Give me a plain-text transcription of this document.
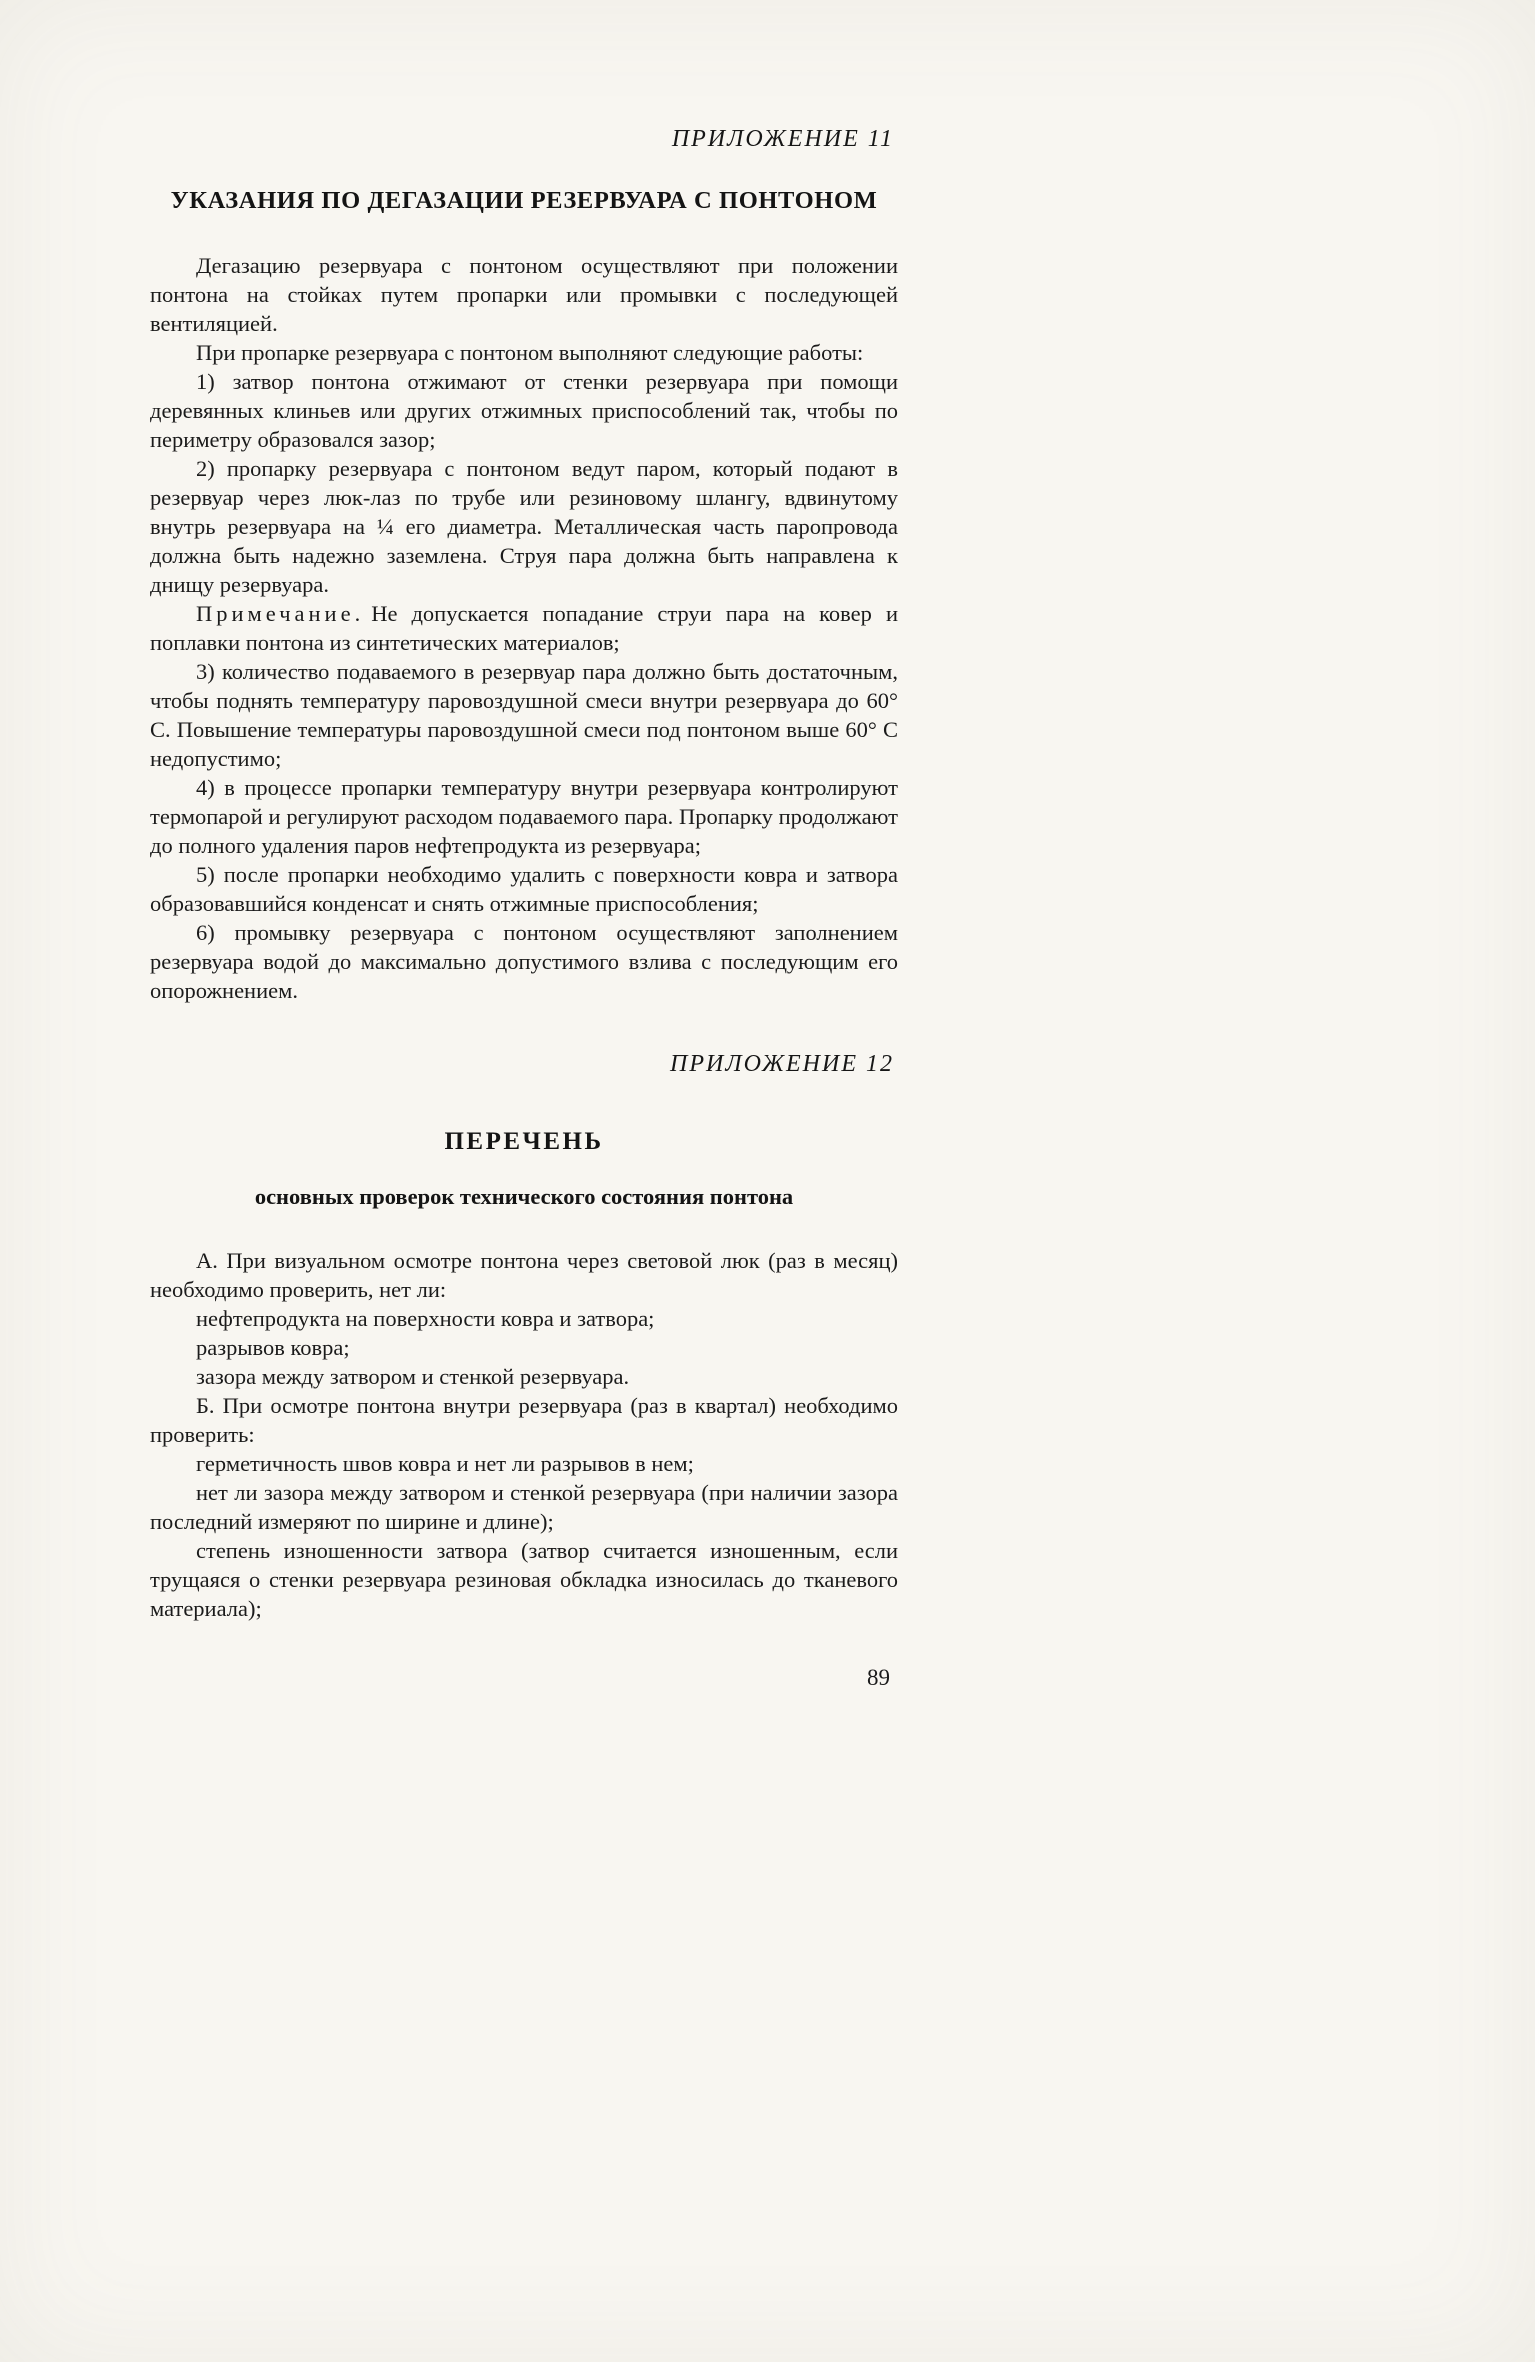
ПРИЛОЖЕНИЕ 11
УКАЗАНИЯ ПО ДЕГАЗАЦИИ РЕЗЕРВУАРА С ПОНТОНОМ

Дегазацию резервуара с понтоном осуществляют при положении понтона на стойках путем пропарки или промывки с последующей вентиляцией.

При пропарке резервуара с понтоном выполняют следующие работы:

1) затвор понтона отжимают от стенки резервуара при помощи деревянных клиньев или других отжимных приспособлений так, чтобы по периметру образовался зазор;

2) пропарку резервуара с понтоном ведут паром, который подают в резервуар через люк-лаз по трубе или резиновому шлангу, вдвинутому внутрь резервуара на ¼ его диаметра. Металлическая часть паропровода должна быть надежно заземлена. Струя пара должна быть направлена к днищу резервуара.

Примечание. Не допускается попадание струи пара на ковер и поплавки понтона из синтетических материалов;

3) количество подаваемого в резервуар пара должно быть достаточным, чтобы поднять температуру паровоздушной смеси внутри резервуара до 60° С. Повышение температуры паровоздушной смеси под понтоном выше 60° С недопустимо;

4) в процессе пропарки температуру внутри резервуара контролируют термопарой и регулируют расходом подаваемого пара. Пропарку продолжают до полного удаления паров нефтепродукта из резервуара;

5) после пропарки необходимо удалить с поверхности ковра и затвора образовавшийся конденсат и снять отжимные приспособления;

6) промывку резервуара с понтоном осуществляют заполнением резервуара водой до максимально допустимого взлива с последующим его опорожнением.

ПРИЛОЖЕНИЕ 12
ПЕРЕЧЕНЬ
основных проверок технического состояния понтона

А. При визуальном осмотре понтона через световой люк (раз в месяц) необходимо проверить, нет ли:

нефтепродукта на поверхности ковра и затвора;

разрывов ковра;

зазора между затвором и стенкой резервуара.

Б. При осмотре понтона внутри резервуара (раз в квартал) необходимо проверить:

герметичность швов ковра и нет ли разрывов в нем;

нет ли зазора между затвором и стенкой резервуара (при наличии зазора последний измеряют по ширине и длине);

степень изношенности затвора (затвор считается изношенным, если трущаяся о стенки резервуара резиновая обкладка износилась до тканевого материала);

89
